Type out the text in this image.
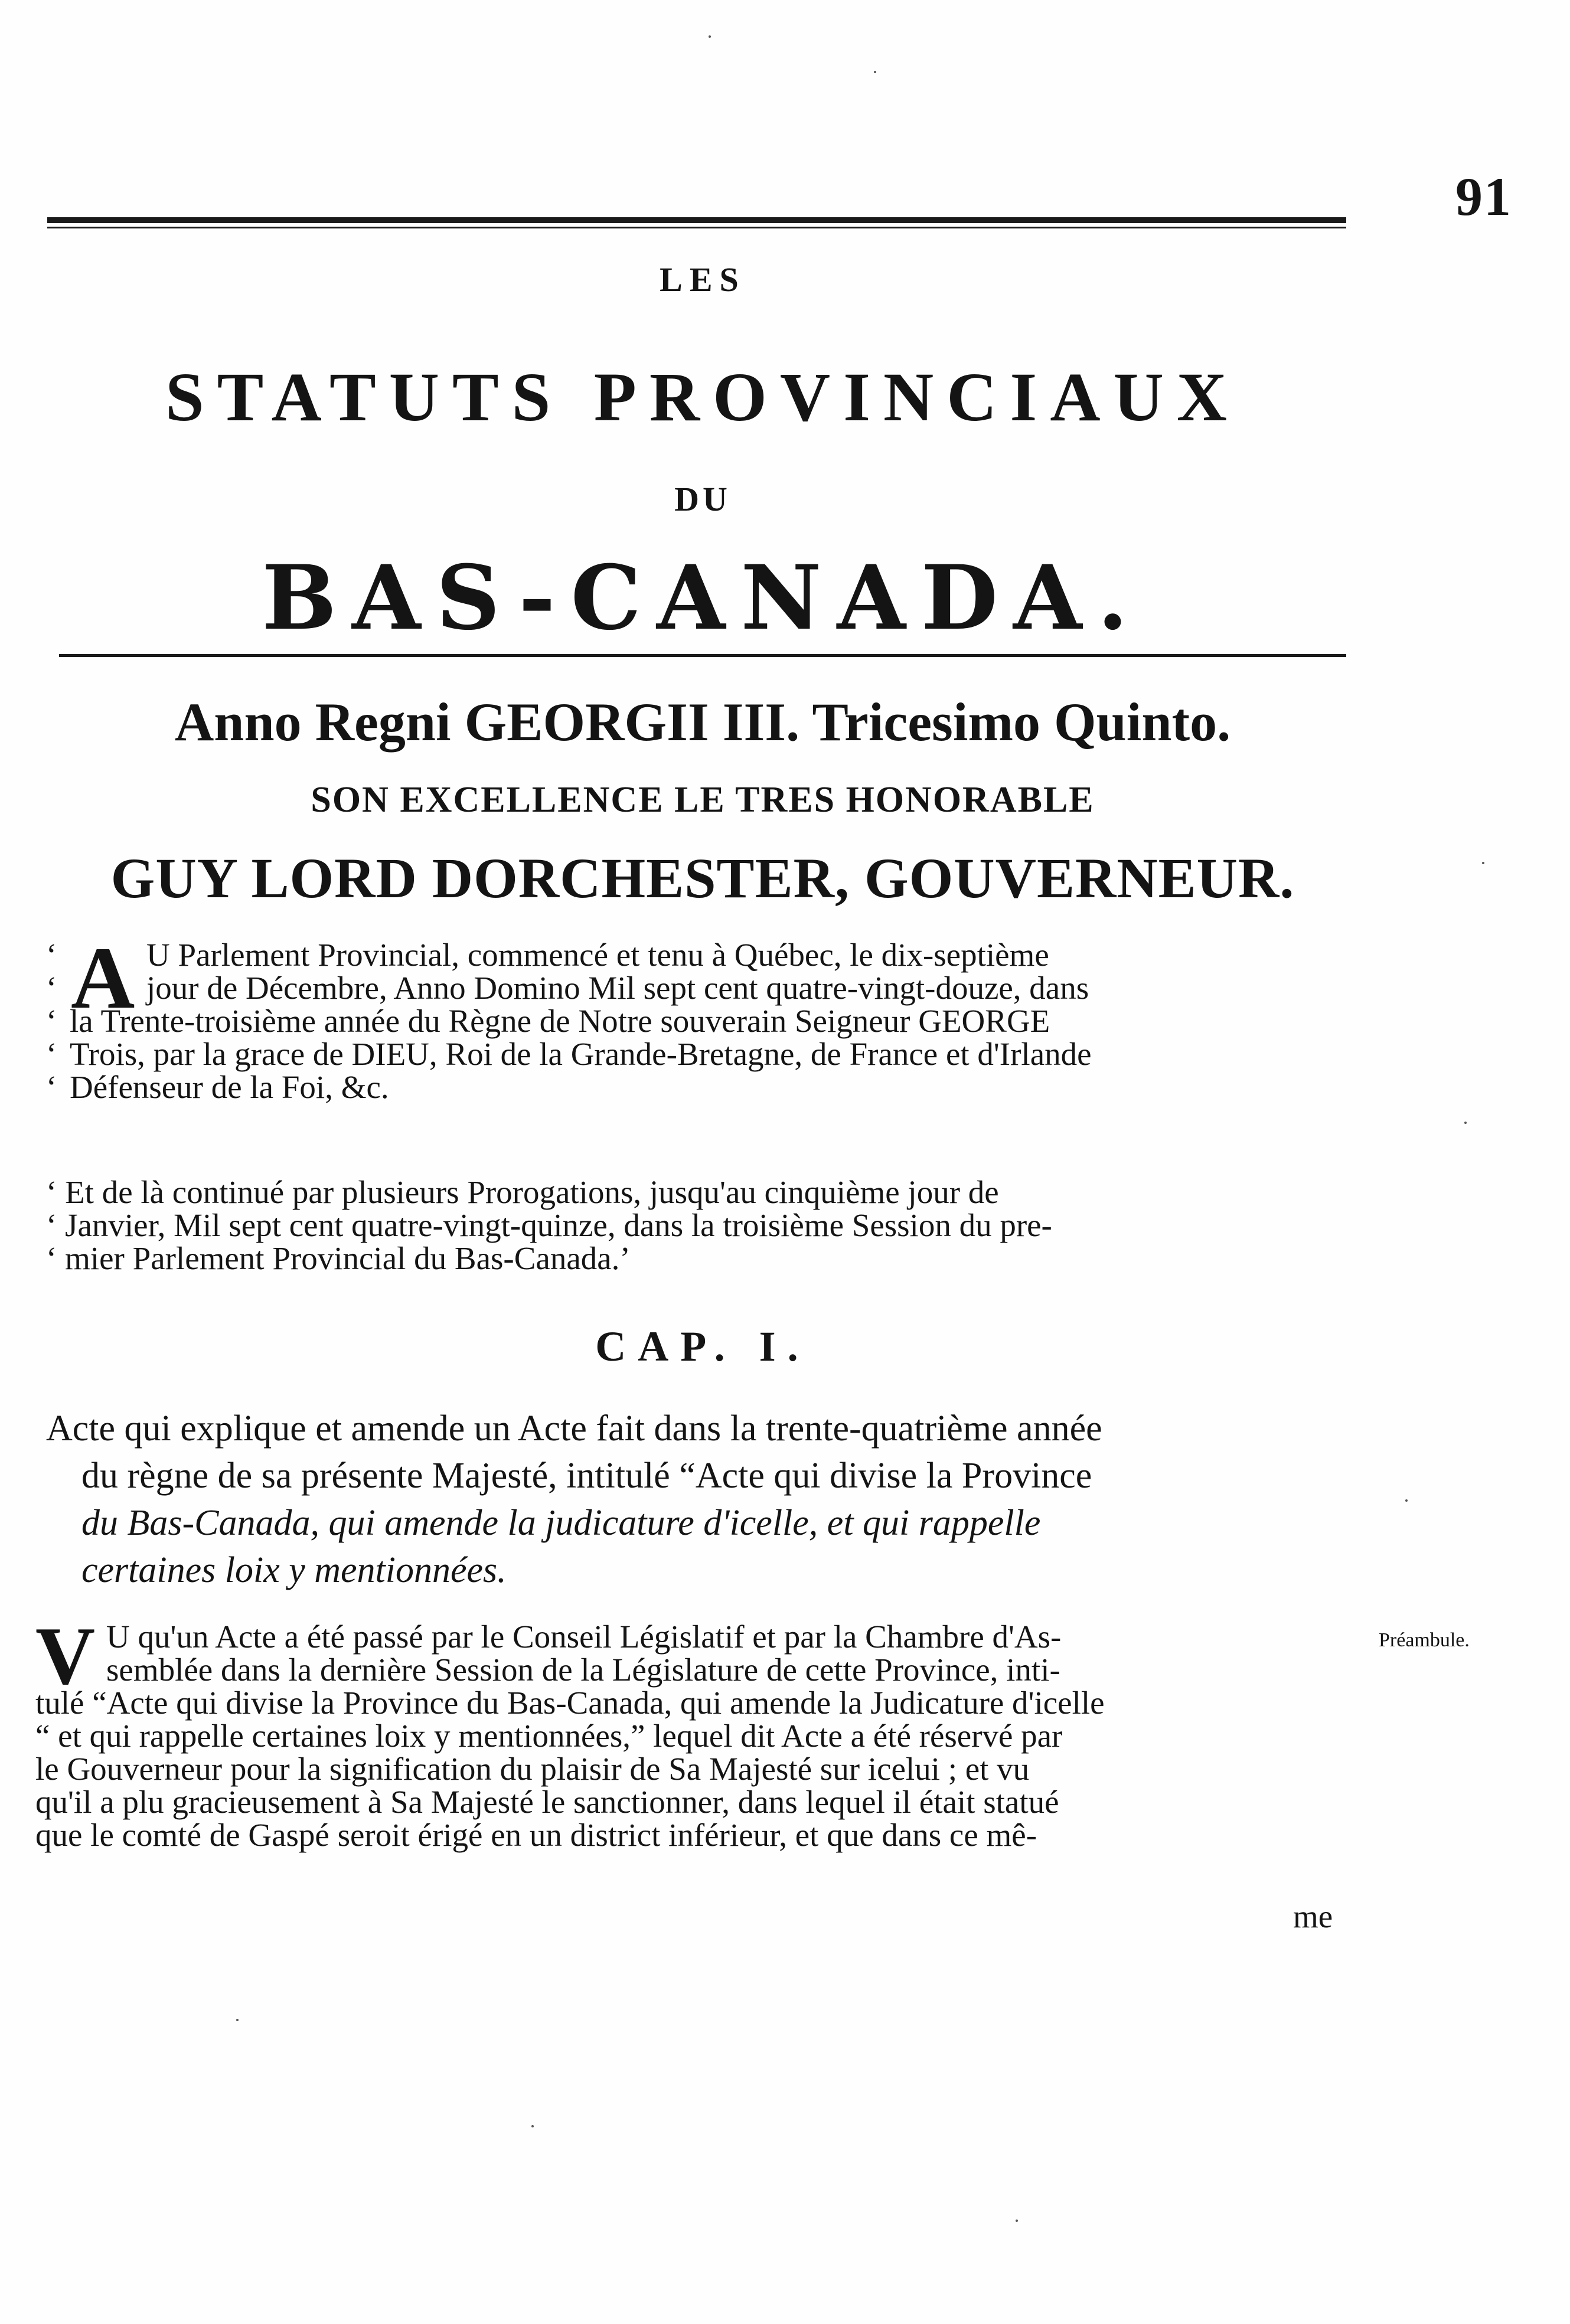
91
LES
STATUTS PROVINCIAUX
DU
BAS-CANADA.
Anno Regni GEORGII III. Tricesimo Quinto.
SON EXCELLENCE LE TRES HONORABLE
GUY LORD DORCHESTER, GOUVERNEUR.
A
‘	U Parlement Provincial, commencé et tenu à Québec, le dix-septième
‘	jour de Décembre, Anno Domino Mil sept cent quatre-vingt-douze, dans
‘ la Trente-troisième année du Règne de Notre souverain Seigneur GEORGE
‘ Trois, par la grace de DIEU, Roi de la Grande-Bretagne, de France et d'Irlande
‘ Défenseur de la Foi, &c.
‘ Et de là continué par plusieurs Prorogations, jusqu'au cinquième jour de
‘ Janvier, Mil sept cent quatre-vingt-quinze, dans la troisième Session du pre-
‘ mier Parlement Provincial du Bas-Canada.’
CAP. I.
Acte qui explique et amende un Acte fait dans la trente-quatrième année
du règne de sa présente Majesté, intitulé “Acte qui divise la Province
du Bas-Canada, qui amende la judicature d'icelle, et qui rappelle
certaines loix y mentionnées.
V U qu'un Acte a été passé par le Conseil Législatif et par la Chambre d'As-
semblée dans la dernière Session de la Législature de cette Province, inti-
tulé “Acte qui divise la Province du Bas-Canada, qui amende la Judicature d'icelle
“ et qui rappelle certaines loix y mentionnées,” lequel dit Acte a été réservé par
le Gouverneur pour la signification du plaisir de Sa Majesté sur icelui ; et vu
qu'il a plu gracieusement à Sa Majesté le sanctionner, dans lequel il était statué
que le comté de Gaspé seroit érigé en un district inférieur, et que dans ce mê-
Préambule.
me
